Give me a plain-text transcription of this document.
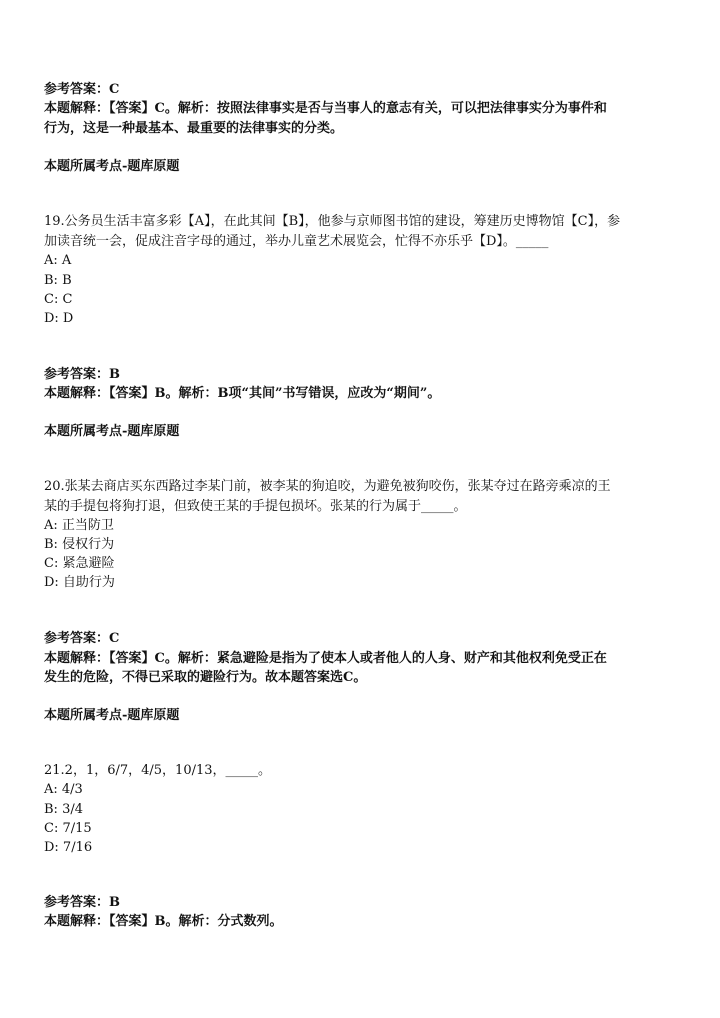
参考答案：C
本题解释：【答案】C。解析：按照法律事实是否与当事人的意志有关，可以把法律事实分为事件和
行为，这是一种最基本、最重要的法律事实的分类。
本题所属考点-题库原题
19.公务员生活丰富多彩【A】，在此其间【B】，他参与京师图书馆的建设，筹建历史博物馆【C】，参
加读音统一会，促成注音字母的通过，举办儿童艺术展览会，忙得不亦乐乎【D】。_____
A: A
B: B
C: C
D: D
参考答案：B
本题解释：【答案】B。解析：B项“其间”书写错误，应改为“期间”。
本题所属考点-题库原题
20.张某去商店买东西路过李某门前，被李某的狗追咬，为避免被狗咬伤，张某夺过在路旁乘凉的王
某的手提包将狗打退，但致使王某的手提包损坏。张某的行为属于_____。
A: 正当防卫
B: 侵权行为
C: 紧急避险
D: 自助行为
参考答案：C
本题解释：【答案】C。解析：紧急避险是指为了使本人或者他人的人身、财产和其他权利免受正在
发生的危险，不得已采取的避险行为。故本题答案选C。
本题所属考点-题库原题
21.2，1，6/7，4/5，10/13，_____。
A: 4/3
B: 3/4
C: 7/15
D: 7/16
参考答案：B
本题解释：【答案】B。解析：分式数列。
